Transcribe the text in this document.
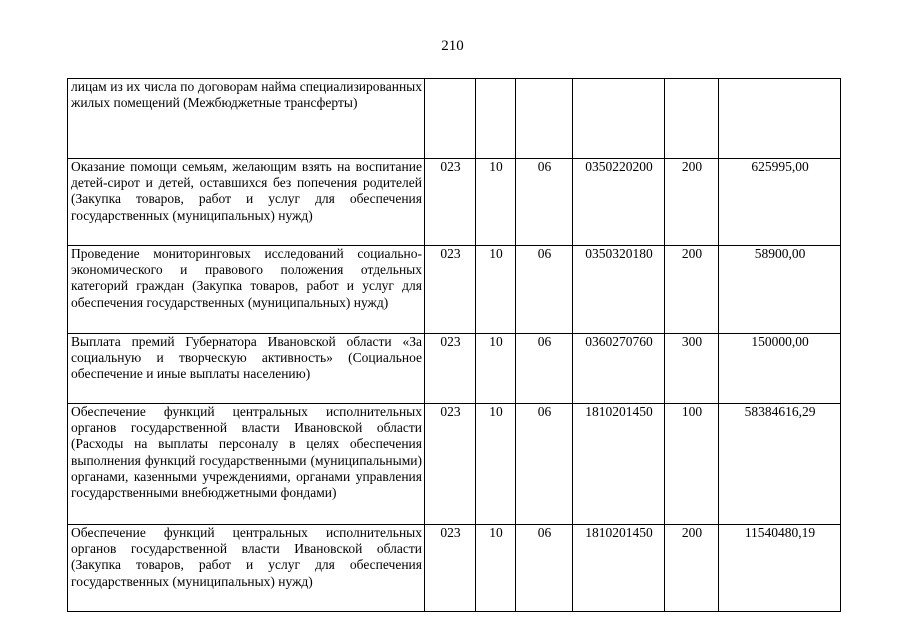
210
лицам из их числа по договорам найма специализированных жилых помещений (Межбюджетные трансферты)						
Оказание помощи семьям, желающим взять на воспитание детей-сирот и детей, оставшихся без попечения родителей (Закупка товаров, работ и услуг для обеспечения государственных (муниципальных) нужд)	023	10	06	0350220200	200	625995,00
Проведение мониторинговых исследований социально-экономического и правового положения отдельных категорий граждан (Закупка товаров, работ и услуг для обеспечения государственных (муниципальных) нужд)	023	10	06	0350320180	200	58900,00
Выплата премий Губернатора Ивановской области «За социальную и творческую активность» (Социальное обеспечение и иные выплаты населению)	023	10	06	0360270760	300	150000,00
Обеспечение функций центральных исполнительных органов государственной власти Ивановской области (Расходы на выплаты персоналу в целях обеспечения выполнения функций государственными (муниципальными) органами, казенными учреждениями, органами управления государственными внебюджетными фондами)	023	10	06	1810201450	100	58384616,29
Обеспечение функций центральных исполнительных органов государственной власти Ивановской области (Закупка товаров, работ и услуг для обеспечения государственных (муниципальных) нужд)	023	10	06	1810201450	200	11540480,19
